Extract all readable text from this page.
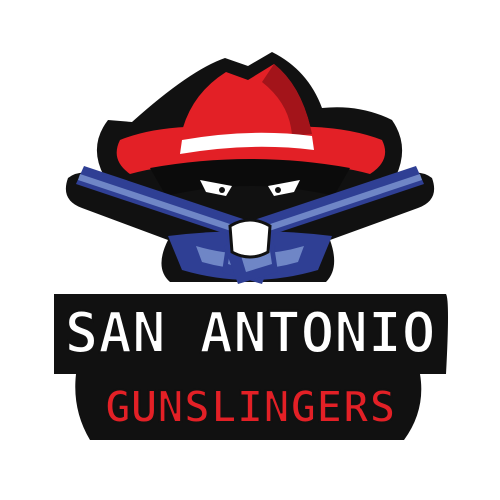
SAN ANTONIO
GUNSLINGERS
